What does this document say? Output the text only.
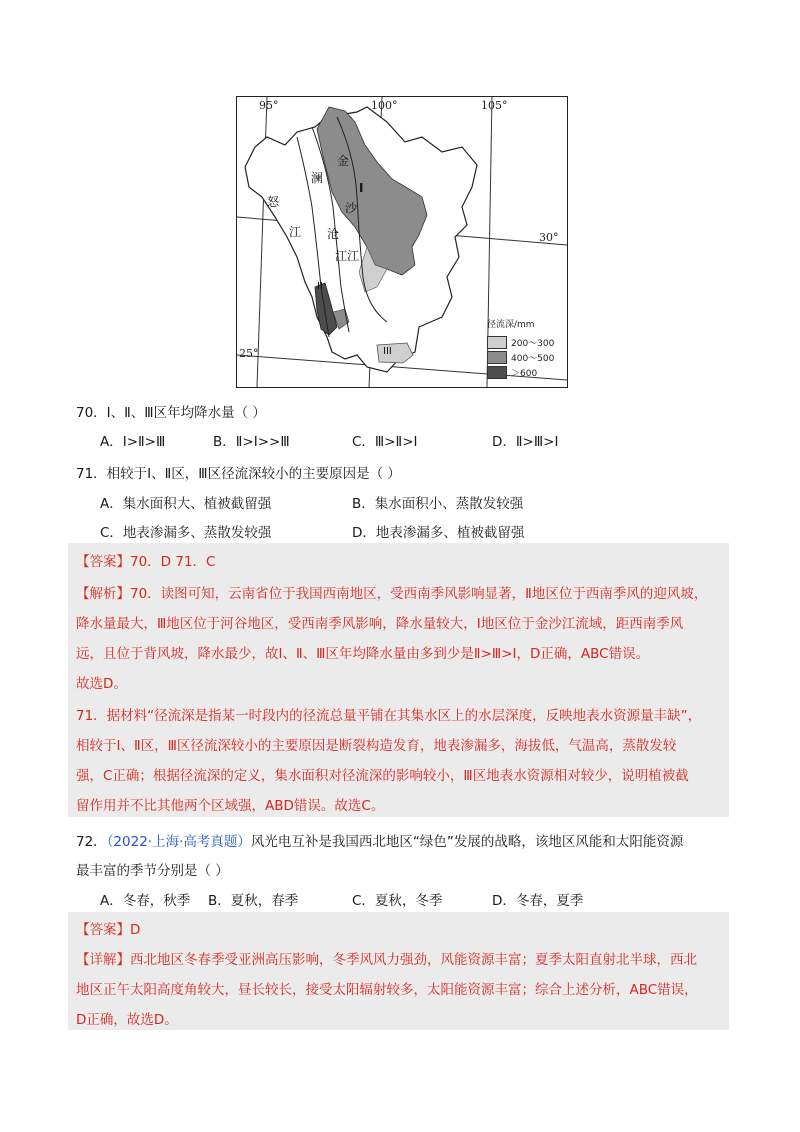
95°	100°	105°
30°
25°
金
沙
江
澜
沧
江
怒
江
I
II
III
径流深/mm
200～300
400～500
＞600
70．Ⅰ、Ⅱ、Ⅲ区年均降水量（ ）
A．Ⅰ>Ⅱ>Ⅲ	B．Ⅱ>Ⅰ>>Ⅲ	C．Ⅲ>Ⅱ>Ⅰ	D．Ⅱ>Ⅲ>Ⅰ
71．相较于Ⅰ、Ⅱ区，Ⅲ区径流深较小的主要原因是（ ）
A．集水面积大、植被截留强	B．集水面积小、蒸散发较强
C．地表渗漏多、蒸散发较强	D．地表渗漏多、植被截留强
【答案】70．D 71．C
【解析】70．读图可知，云南省位于我国西南地区，受西南季风影响显著，Ⅱ地区位于西南季风的迎风坡，
降水量最大，Ⅲ地区位于河谷地区，受西南季风影响，降水量较大，Ⅰ地区位于金沙江流域，距西南季风
远，且位于背风坡，降水最少，故Ⅰ、Ⅱ、Ⅲ区年均降水量由多到少是Ⅱ>Ⅲ>Ⅰ，D正确，ABC错误。
故选D。
71．据材料“径流深是指某一时段内的径流总量平铺在其集水区上的水层深度，反映地表水资源量丰缺”，
相较于Ⅰ、Ⅱ区，Ⅲ区径流深较小的主要原因是断裂构造发育，地表渗漏多，海拔低，气温高，蒸散发较
强，C正确；根据径流深的定义，集水面积对径流深的影响较小，Ⅲ区地表水资源相对较少，说明植被截
留作用并不比其他两个区域强，ABD错误。故选C。
72．（2022·上海·高考真题）风光电互补是我国西北地区“绿色”发展的战略，该地区风能和太阳能资源
最丰富的季节分别是（ ）
A．冬春，秋季 B．夏秋，春季	C．夏秋，冬季	D．冬春，夏季
【答案】D
【详解】西北地区冬春季受亚洲高压影响，冬季风风力强劲，风能资源丰富；夏季太阳直射北半球，西北
地区正午太阳高度角较大，昼长较长，接受太阳辐射较多，太阳能资源丰富；综合上述分析，ABC错误，
D正确，故选D。
